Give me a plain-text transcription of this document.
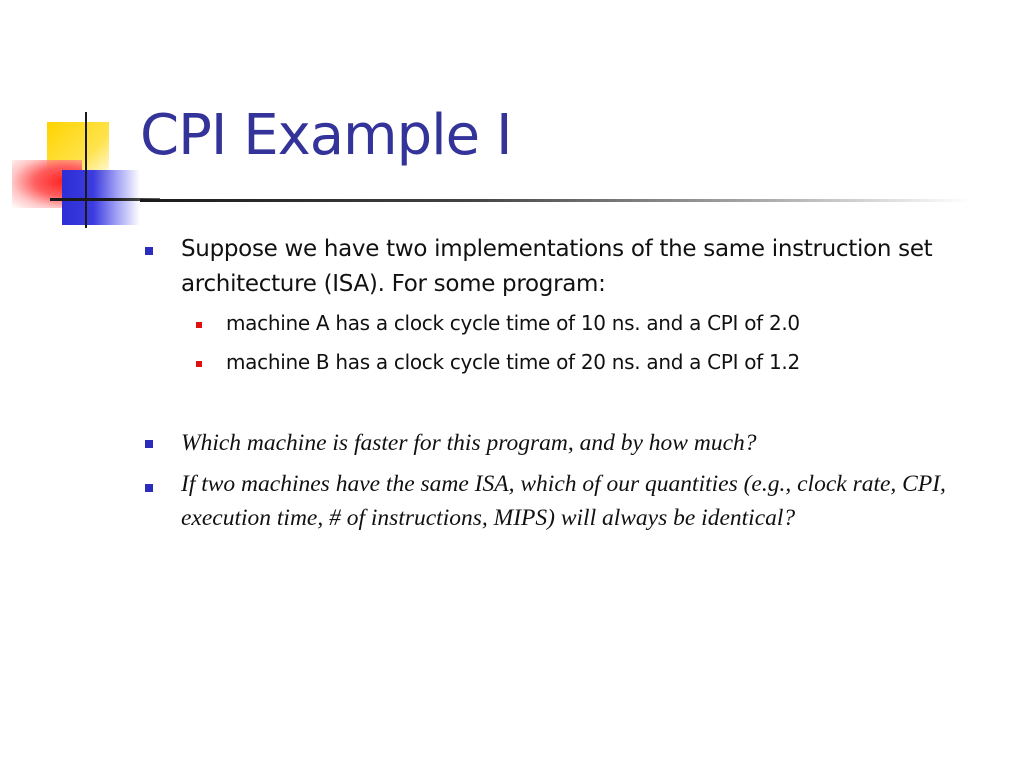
CPI Example I

Suppose we have two implementations of the same instruction set architecture (ISA). For some program:

machine A has a clock cycle time of 10 ns. and a CPI of 2.0

machine B has a clock cycle time of 20 ns. and a CPI of 1.2

Which machine is faster for this program, and by how much?

If two machines have the same ISA, which of our quantities (e.g., clock rate, CPI, execution time, # of instructions, MIPS) will always be identical?
